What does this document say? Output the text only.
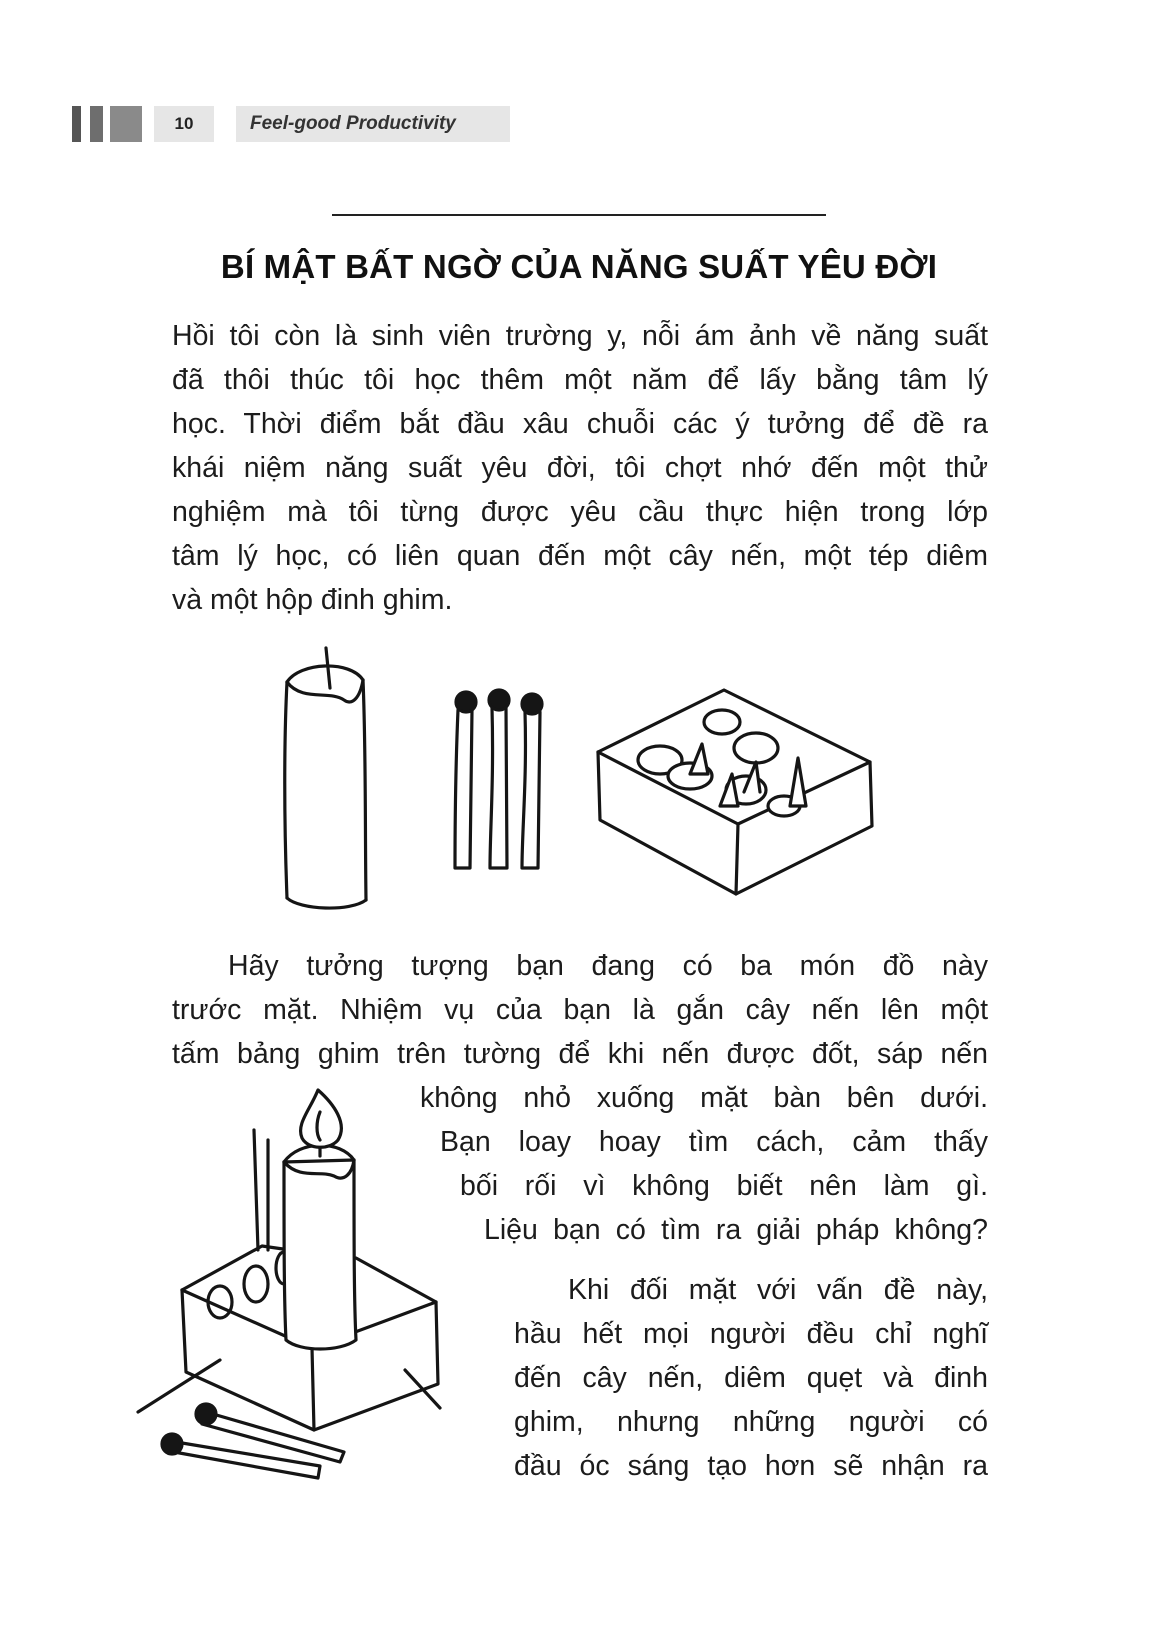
10	Feel-good Productivity
BÍ MẬT BẤT NGỜ CỦA NĂNG SUẤT YÊU ĐỜI
Hồi tôi còn là sinh viên trường y, nỗi ám ảnh về năng suất
đã thôi thúc tôi học thêm một năm để lấy bằng tâm lý
học. Thời điểm bắt đầu xâu chuỗi các ý tưởng để đề ra
khái niệm năng suất yêu đời, tôi chợt nhớ đến một thử
nghiệm mà tôi từng được yêu cầu thực hiện trong lớp
tâm lý học, có liên quan đến một cây nến, một tép diêm
và một hộp đinh ghim.
Hãy tưởng tượng bạn đang có ba món đồ này
trước mặt. Nhiệm vụ của bạn là gắn cây nến lên một
tấm bảng ghim trên tường để khi nến được đốt, sáp nến
không nhỏ xuống mặt bàn bên dưới.
Bạn loay hoay tìm cách, cảm thấy
bối rối vì không biết nên làm gì.
Liệu bạn có tìm ra giải pháp không?
Khi đối mặt với vấn đề này,
hầu hết mọi người đều chỉ nghĩ
đến cây nến, diêm quẹt và đinh
ghim, nhưng những người có
đầu óc sáng tạo hơn sẽ nhận ra
